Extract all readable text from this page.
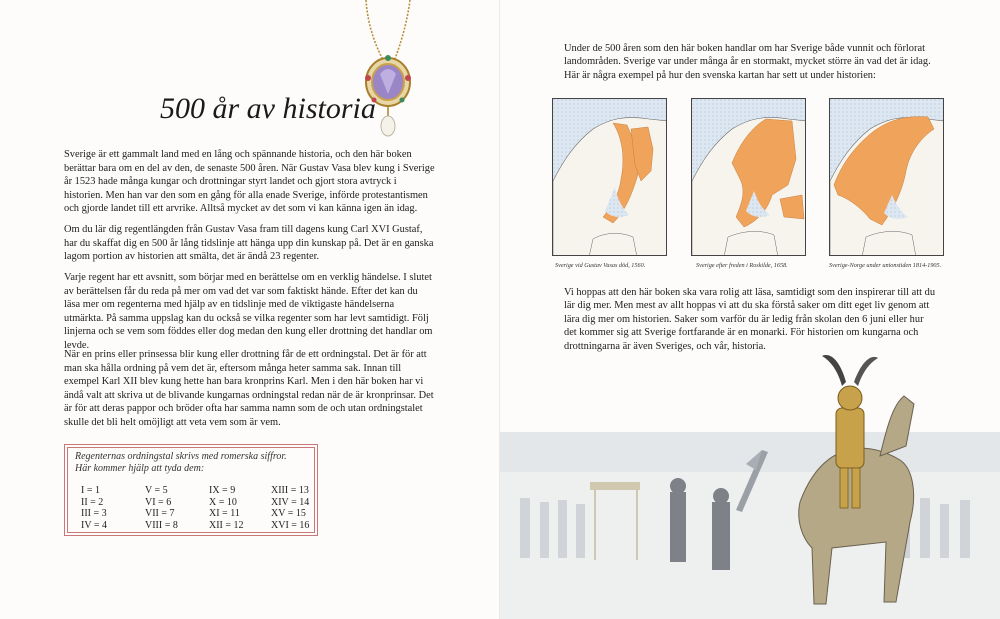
500 år av historia

Sverige är ett gammalt land med en lång och spännande historia, och den här boken berättar bara om en del av den, de senaste 500 åren. När Gustav Vasa blev kung i Sverige år 1523 hade många kungar och drottningar styrt landet och gjort stora avtryck i historien. Men han var den som en gång för alla enade Sverige, införde protestantismen och gjorde landet till ett arvrike. Alltså mycket av det som vi kan känna igen än idag.

Om du lär dig regentlängden från Gustav Vasa fram till dagens kung Carl XVI Gustaf, har du skaffat dig en 500 år lång tidslinje att hänga upp din kunskap på. Det är en ganska lagom portion av historien att smälta, det är ändå 23 regenter.

Varje regent har ett avsnitt, som börjar med en berättelse om en verklig händelse. I slutet av berättelsen får du reda på mer om vad det var som faktiskt hände. Efter det kan du läsa mer om regenterna med hjälp av en tidslinje med de viktigaste händelserna utmärkta. På samma uppslag kan du också se vilka regenter som har levt samtidigt. Följ linjerna och se vem som föddes eller dog medan den kung eller drottning det handlar om levde.

När en prins eller prinsessa blir kung eller drottning får de ett ordningstal. Det är för att man ska hålla ordning på vem det är, eftersom många heter samma sak. Innan till exempel Karl XII blev kung hette han bara kronprins Karl. Men i den här boken har vi ändå valt att skriva ut de blivande kungarnas ordningstal redan när de är kronprinsar. Det är för att deras pappor och bröder ofta har samma namn som de och utan ordningstalet skulle det bli helt omöjligt att veta vem som är vem.

Regenternas ordningstal skrivs med romerska siffror. Här kommer hjälp att tyda dem:

I = 1
II = 2
III = 3
IV = 4
V = 5
VI = 6
VII = 7
VIII = 8
IX = 9
X = 10
XI = 11
XII = 12
XIII = 13
XIV = 14
XV = 15
XVI = 16

Under de 500 åren som den här boken handlar om har Sverige både vunnit och förlorat landområden. Sverige var under många år en stormakt, mycket större än vad det är idag. Här är några exempel på hur den svenska kartan har sett ut under historien:

Sverige vid Gustav Vasas död, 1560.	Sverige efter freden i Roskilde, 1658.	Sverige-Norge under unionstiden 1814-1905.

Vi hoppas att den här boken ska vara rolig att läsa, samtidigt som den inspirerar till att du lär dig mer. Men mest av allt hoppas vi att du ska förstå saker om ditt eget liv genom att lära dig mer om historien. Saker som varför du är ledig från skolan den 6 juni eller hur det kommer sig att Sverige fortfarande är en monarki. För historien om kungarna och drottningarna är även Sveriges, och vår, historia.
